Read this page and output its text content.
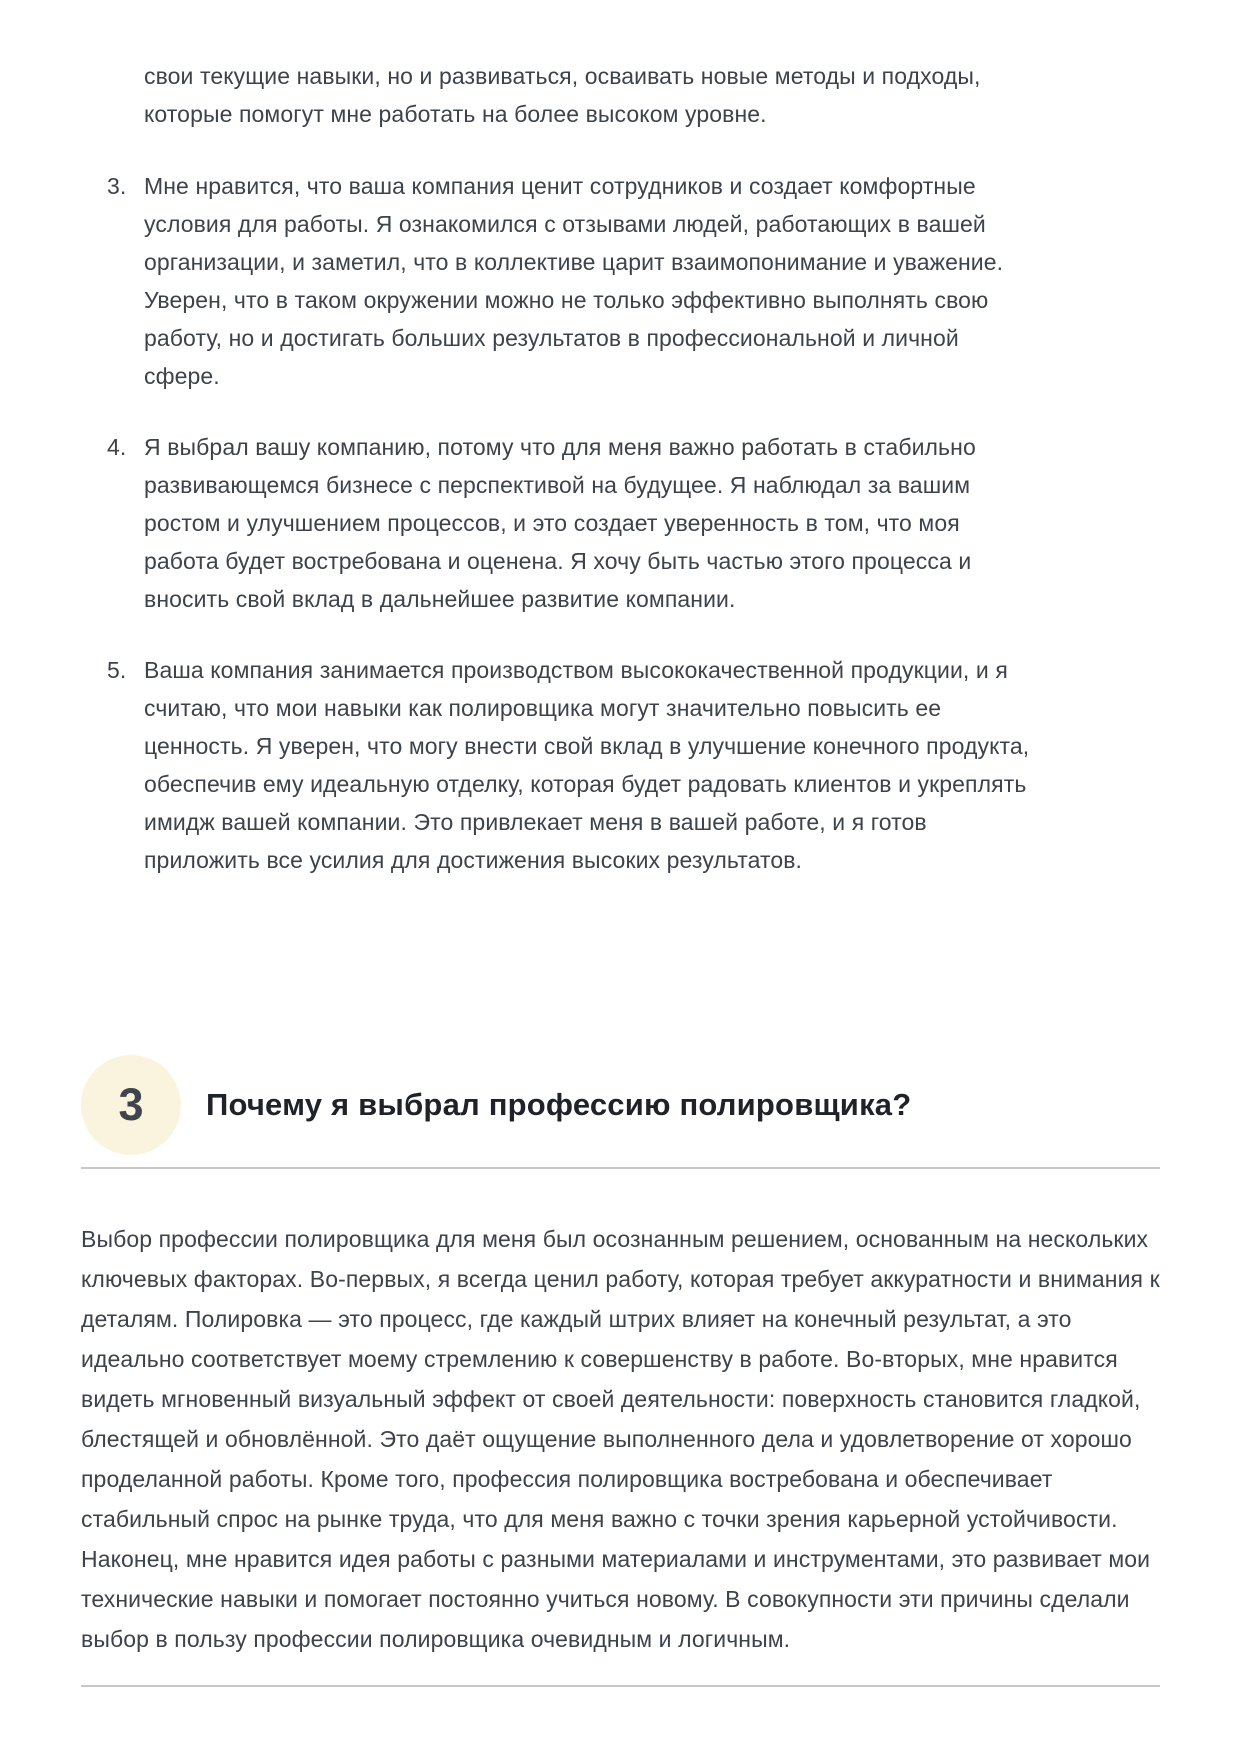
свои текущие навыки, но и развиваться, осваивать новые методы и подходы, которые помогут мне работать на более высоком уровне.

3. Мне нравится, что ваша компания ценит сотрудников и создает комфортные условия для работы. Я ознакомился с отзывами людей, работающих в вашей организации, и заметил, что в коллективе царит взаимопонимание и уважение. Уверен, что в таком окружении можно не только эффективно выполнять свою работу, но и достигать больших результатов в профессиональной и личной сфере.
4. Я выбрал вашу компанию, потому что для меня важно работать в стабильно развивающемся бизнесе с перспективой на будущее. Я наблюдал за вашим ростом и улучшением процессов, и это создает уверенность в том, что моя работа будет востребована и оценена. Я хочу быть частью этого процесса и вносить свой вклад в дальнейшее развитие компании.
5. Ваша компания занимается производством высококачественной продукции, и я считаю, что мои навыки как полировщика могут значительно повысить ее ценность. Я уверен, что могу внести свой вклад в улучшение конечного продукта, обеспечив ему идеальную отделку, которая будет радовать клиентов и укреплять имидж вашей компании. Это привлекает меня в вашей работе, и я готов приложить все усилия для достижения высоких результатов.
3	Почему я выбрал профессию полировщика?

Выбор профессии полировщика для меня был осознанным решением, основанным на нескольких ключевых факторах. Во-первых, я всегда ценил работу, которая требует аккуратности и внимания к деталям. Полировка — это процесс, где каждый штрих влияет на конечный результат, а это идеально соответствует моему стремлению к совершенству в работе. Во-вторых, мне нравится видеть мгновенный визуальный эффект от своей деятельности: поверхность становится гладкой, блестящей и обновлённой. Это даёт ощущение выполненного дела и удовлетворение от хорошо проделанной работы. Кроме того, профессия полировщика востребована и обеспечивает стабильный спрос на рынке труда, что для меня важно с точки зрения карьерной устойчивости. Наконец, мне нравится идея работы с разными материалами и инструментами, это развивает мои технические навыки и помогает постоянно учиться новому. В совокупности эти причины сделали выбор в пользу профессии полировщика очевидным и логичным.
